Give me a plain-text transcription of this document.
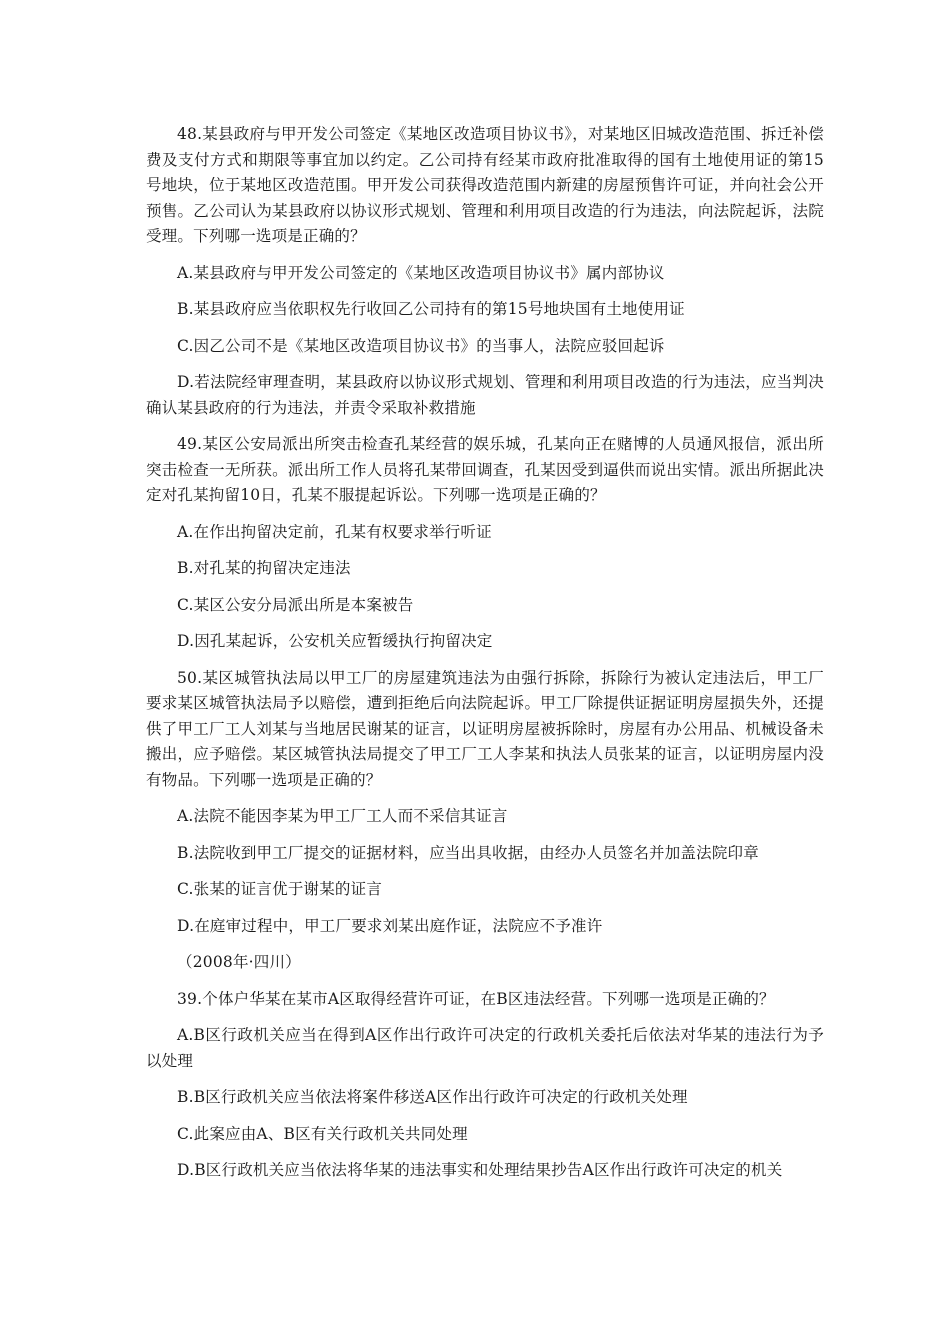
48.某县政府与甲开发公司签定《某地区改造项目协议书》，对某地区旧城改造范围、拆迁补偿费及支付方式和期限等事宜加以约定。乙公司持有经某市政府批准取得的国有土地使用证的第15号地块，位于某地区改造范围。甲开发公司获得改造范围内新建的房屋预售许可证，并向社会公开预售。乙公司认为某县政府以协议形式规划、管理和利用项目改造的行为违法，向法院起诉，法院受理。下列哪一选项是正确的？

A.某县政府与甲开发公司签定的《某地区改造项目协议书》属内部协议

B.某县政府应当依职权先行收回乙公司持有的第15号地块国有土地使用证

C.因乙公司不是《某地区改造项目协议书》的当事人，法院应驳回起诉

D.若法院经审理查明，某县政府以协议形式规划、管理和利用项目改造的行为违法，应当判决确认某县政府的行为违法，并责令采取补救措施

49.某区公安局派出所突击检查孔某经营的娱乐城，孔某向正在赌博的人员通风报信，派出所突击检查一无所获。派出所工作人员将孔某带回调查，孔某因受到逼供而说出实情。派出所据此决定对孔某拘留10日，孔某不服提起诉讼。下列哪一选项是正确的？

A.在作出拘留决定前，孔某有权要求举行听证

B.对孔某的拘留决定违法

C.某区公安分局派出所是本案被告

D.因孔某起诉，公安机关应暂缓执行拘留决定

50.某区城管执法局以甲工厂的房屋建筑违法为由强行拆除，拆除行为被认定违法后，甲工厂要求某区城管执法局予以赔偿，遭到拒绝后向法院起诉。甲工厂除提供证据证明房屋损失外，还提供了甲工厂工人刘某与当地居民谢某的证言，以证明房屋被拆除时，房屋有办公用品、机械设备未搬出，应予赔偿。某区城管执法局提交了甲工厂工人李某和执法人员张某的证言，以证明房屋内没有物品。下列哪一选项是正确的？

A.法院不能因李某为甲工厂工人而不采信其证言

B.法院收到甲工厂提交的证据材料，应当出具收据，由经办人员签名并加盖法院印章

C.张某的证言优于谢某的证言

D.在庭审过程中，甲工厂要求刘某出庭作证，法院应不予准许

（2008年·四川）

39.个体户华某在某市A区取得经营许可证，在B区违法经营。下列哪一选项是正确的？

A.B区行政机关应当在得到A区作出行政许可决定的行政机关委托后依法对华某的违法行为予以处理

B.B区行政机关应当依法将案件移送A区作出行政许可决定的行政机关处理

C.此案应由A、B区有关行政机关共同处理

D.B区行政机关应当依法将华某的违法事实和处理结果抄告A区作出行政许可决定的机关
